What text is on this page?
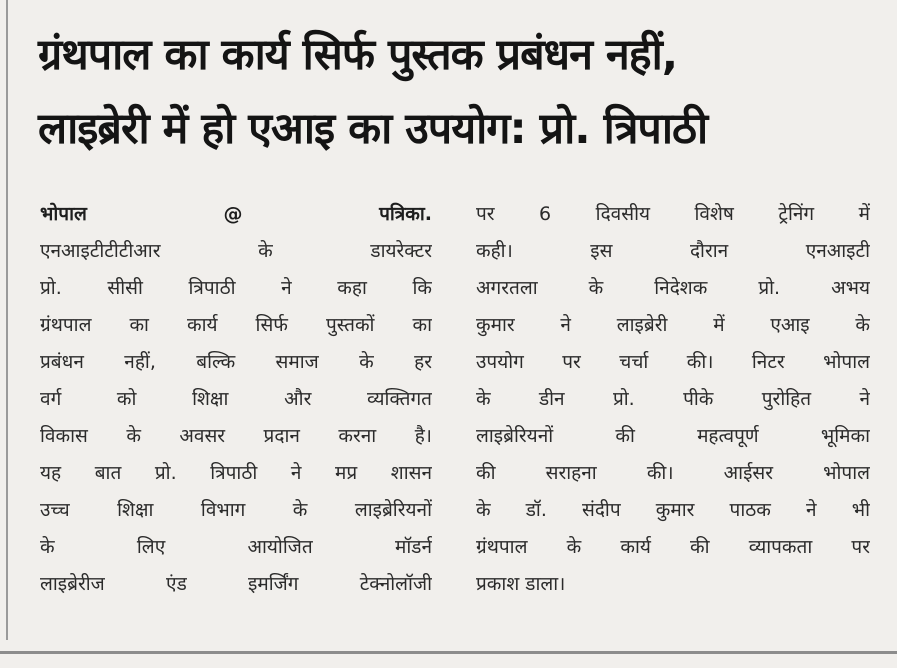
ग्रंथपाल का कार्य सिर्फ पुस्तक प्रबंधन नहीं,
लाइब्रेरी में हो एआइ का उपयोग: प्रो. त्रिपाठी
भोपाल	@	पत्रिका.
एनआइटीटीटीआर के डायरेक्टर
प्रो. सीसी त्रिपाठी ने कहा कि
ग्रंथपाल का कार्य सिर्फ पुस्तकों का
प्रबंधन नहीं, बल्कि समाज के हर
वर्ग को शिक्षा और व्यक्तिगत
विकास के अवसर प्रदान करना है।
यह बात प्रो. त्रिपाठी ने मप्र शासन
उच्च शिक्षा विभाग के लाइब्रेरियनों
के लिए आयोजित मॉडर्न
लाइब्रेरीज एंड इमर्जिंग टेक्नोलॉजी
पर 6 दिवसीय विशेष ट्रेनिंग में
कही। इस दौरान एनआइटी
अगरतला के निदेशक प्रो. अभय
कुमार ने लाइब्रेरी में एआइ के
उपयोग पर चर्चा की। निटर भोपाल
के डीन प्रो. पीके पुरोहित ने
लाइब्रेरियनों की महत्वपूर्ण भूमिका
की सराहना की। आईसर भोपाल
के डॉ. संदीप कुमार पाठक ने भी
ग्रंथपाल के कार्य की व्यापकता पर
प्रकाश डाला।
